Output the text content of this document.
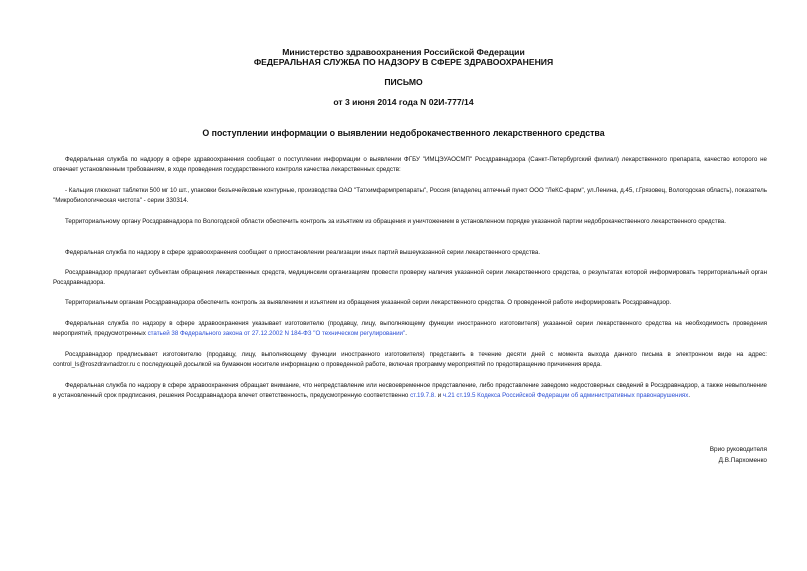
Министерство здравоохранения Российской Федерации
ФЕДЕРАЛЬНАЯ СЛУЖБА ПО НАДЗОРУ В СФЕРЕ ЗДРАВООХРАНЕНИЯ
ПИСЬМО
от 3 июня 2014 года N 02И-777/14
О поступлении информации о выявлении недоброкачественного лекарственного средства
Федеральная служба по надзору в сфере здравоохранения сообщает о поступлении информации о выявлении ФГБУ "ИМЦЭУАОСМП" Росздравнадзора (Санкт-Петербургский филиал) лекарственного препарата, качество которого не отвечает установленным требованиям, в ходе проведения государственного контроля качества лекарственных средств:
- Кальция глюконат таблетки 500 мг 10 шт., упаковки безъячейковые контурные, производства ОАО "Татхимфармпрепараты", Россия (владелец аптечный пункт ООО "ЛеКС-фарм", ул.Ленина, д.45, г.Грязовец, Вологодская область), показатель "Микробиологическая чистота" - серии 330314.
Территориальному органу Росздравнадзора по Вологодской области обеспечить контроль за изъятием из обращения и уничтожением в установленном порядке указанной партии недоброкачественного лекарственного средства.
Федеральная служба по надзору в сфере здравоохранения сообщает о приостановлении реализации иных партий вышеуказанной серии лекарственного средства.
Росздравнадзор предлагает субъектам обращения лекарственных средств, медицинским организациям провести проверку наличия указанной серии лекарственного средства, о результатах которой информировать территориальный орган Росздравнадзора.
Территориальным органам Росздравнадзора обеспечить контроль за выявлением и изъятием из обращения указанной серии лекарственного средства. О проведенной работе информировать Росздравнадзор.
Федеральная служба по надзору в сфере здравоохранения указывает изготовителю (продавцу, лицу, выполняющему функции иностранного изготовителя) указанной серии лекарственного средства на необходимость проведения мероприятий, предусмотренных статьей 38 Федерального закона от 27.12.2002 N 184-ФЗ "О техническом регулировании".
Росздравнадзор предписывает изготовителю (продавцу, лицу, выполняющему функции иностранного изготовителя) представить в течение десяти дней с момента выхода данного письма в электронном виде на адрес: control_ls@roszdravnadzor.ru с последующей досылкой на бумажном носителе информацию о проведенной работе, включая программу мероприятий по предотвращению причинения вреда.
Федеральная служба по надзору в сфере здравоохранения обращает внимание, что непредставление или несвоевременное представление, либо представление заведомо недостоверных сведений в Росздравнадзор, а также невыполнение в установленный срок предписания, решения Росздравнадзора влечет ответственность, предусмотренную соответственно ст.19.7.8. и ч.21 ст.19.5 Кодекса Российской Федерации об административных правонарушениях.
Врио руководителя
Д.В.Пархоменко
